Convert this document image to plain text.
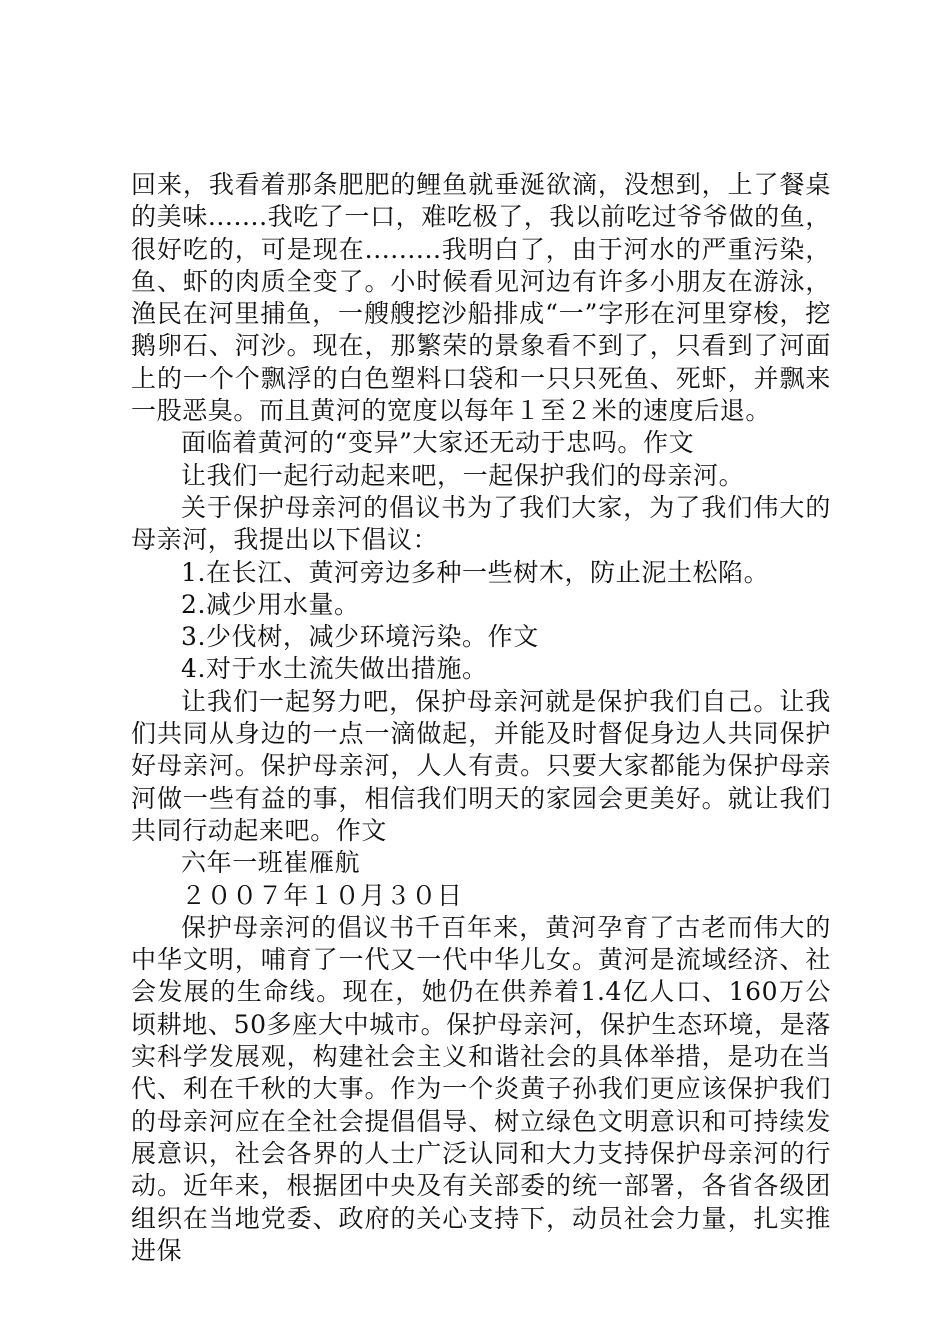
回来，我看着那条肥肥的鲤鱼就垂涎欲滴，没想到，上了餐桌的美味.......我吃了一口，难吃极了，我以前吃过爷爷做的鱼，很好吃的，可是现在.........我明白了，由于河水的严重污染，鱼、虾的肉质全变了。小时候看见河边有许多小朋友在游泳，渔民在河里捕鱼，一艘艘挖沙船排成“一”字形在河里穿梭，挖鹅卵石、河沙。现在，那繁荣的景象看不到了，只看到了河面上的一个个飘浮的白色塑料口袋和一只只死鱼、死虾，并飘来一股恶臭。而且黄河的宽度以每年１至２米的速度后退。

面临着黄河的“变异”大家还无动于忠吗。作文

让我们一起行动起来吧，一起保护我们的母亲河。

关于保护母亲河的倡议书为了我们大家，为了我们伟大的母亲河，我提出以下倡议：

1.在长江、黄河旁边多种一些树木，防止泥土松陷。

2.减少用水量。

3.少伐树，减少环境污染。作文

4.对于水土流失做出措施。

让我们一起努力吧，保护母亲河就是保护我们自己。让我们共同从身边的一点一滴做起，并能及时督促身边人共同保护好母亲河。保护母亲河，人人有责。只要大家都能为保护母亲河做一些有益的事，相信我们明天的家园会更美好。就让我们共同行动起来吧。作文

六年一班崔雁航

２００７年１０月３０日

保护母亲河的倡议书千百年来，黄河孕育了古老而伟大的中华文明，哺育了一代又一代中华儿女。黄河是流域经济、社会发展的生命线。现在，她仍在供养着1.4亿人口、160万公顷耕地、50多座大中城市。保护母亲河，保护生态环境，是落实科学发展观，构建社会主义和谐社会的具体举措，是功在当代、利在千秋的大事。作为一个炎黄子孙我们更应该保护我们的母亲河应在全社会提倡倡导、树立绿色文明意识和可持续发展意识，社会各界的人士广泛认同和大力支持保护母亲河的行动。近年来，根据团中央及有关部委的统一部署，各省各级团组织在当地党委、政府的关心支持下，动员社会力量，扎实推进保
